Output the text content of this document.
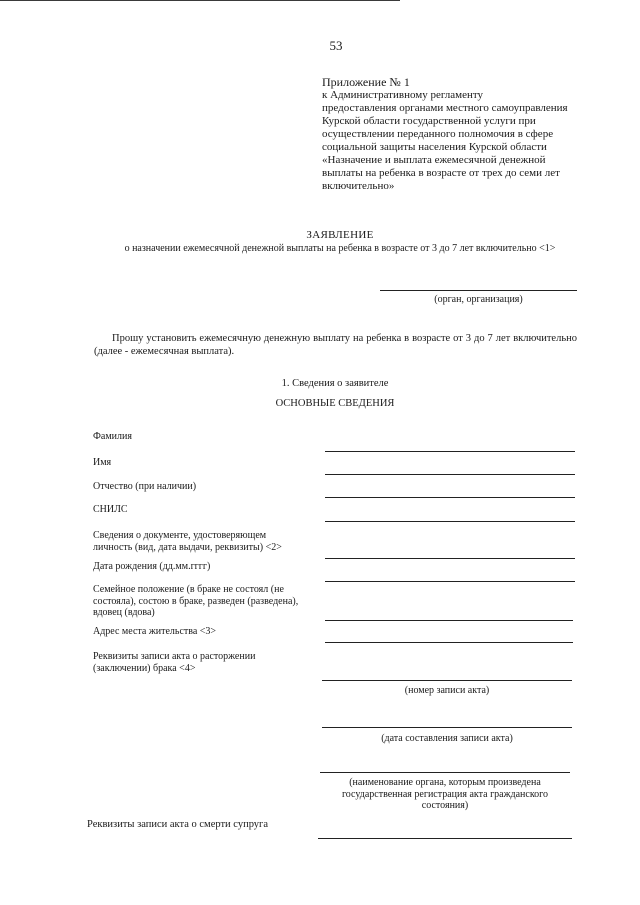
53
Приложение № 1
к Административному регламенту
предоставления органами местного самоуправления
Курской области государственной услуги при
осуществлении переданного полномочия в сфере
социальной защиты населения Курской области
«Назначение и выплата ежемесячной денежной
выплаты на ребенка в возрасте от трех до семи лет
включительно»
ЗАЯВЛЕНИЕ
о назначении ежемесячной денежной выплаты на ребенка в возрасте от 3 до 7 лет включительно <1>
(орган, организация)
Прошу установить ежемесячную денежную выплату на ребенка в возрасте от 3 до 7 лет включительно (далее - ежемесячная выплата).
1. Сведения о заявителе
ОСНОВНЫЕ СВЕДЕНИЯ
Фамилия
Имя
Отчество (при наличии)
СНИЛС
Сведения о документе, удостоверяющем
личность (вид, дата выдачи, реквизиты) <2>
Дата рождения (дд.мм.гггг)
Семейное положение (в браке не состоял (не
состояла), состою в браке, разведен (разведена),
вдовец (вдова)
Адрес места жительства <3>
Реквизиты записи акта о расторжении
(заключении) брака <4>
(номер записи акта)
(дата составления записи акта)
(наименование органа, которым произведена
государственная регистрация акта гражданского
состояния)
Реквизиты записи акта о смерти супруга
